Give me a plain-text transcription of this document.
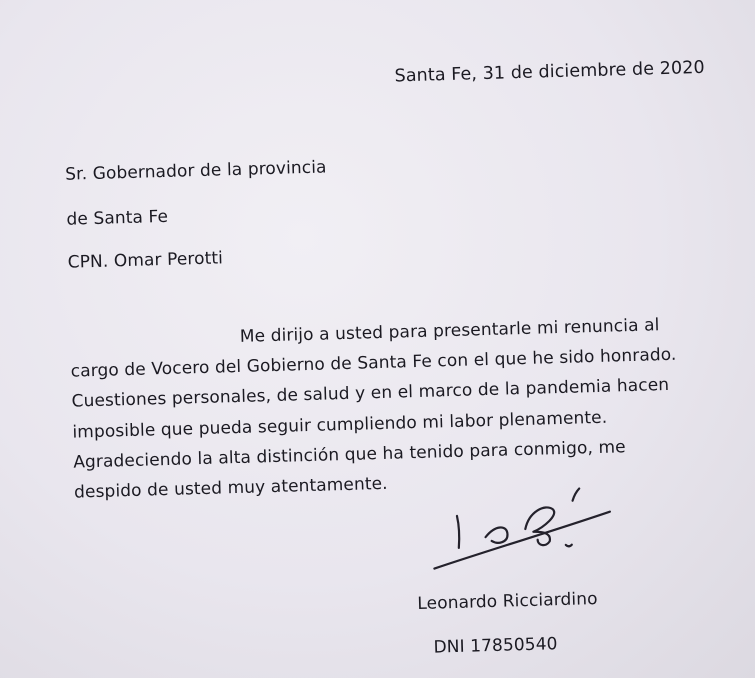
Santa Fe, 31 de diciembre de 2020
Sr. Gobernador de la provincia
de Santa Fe
CPN. Omar Perotti
Me dirijo a usted para presentarle mi renuncia al
cargo de Vocero del Gobierno de Santa Fe con el que he sido honrado.
Cuestiones personales, de salud y en el marco de la pandemia hacen
imposible que pueda seguir cumpliendo mi labor plenamente.
Agradeciendo la alta distinción que ha tenido para conmigo, me
despido de usted muy atentamente.
Leonardo Ricciardino
DNI 17850540
